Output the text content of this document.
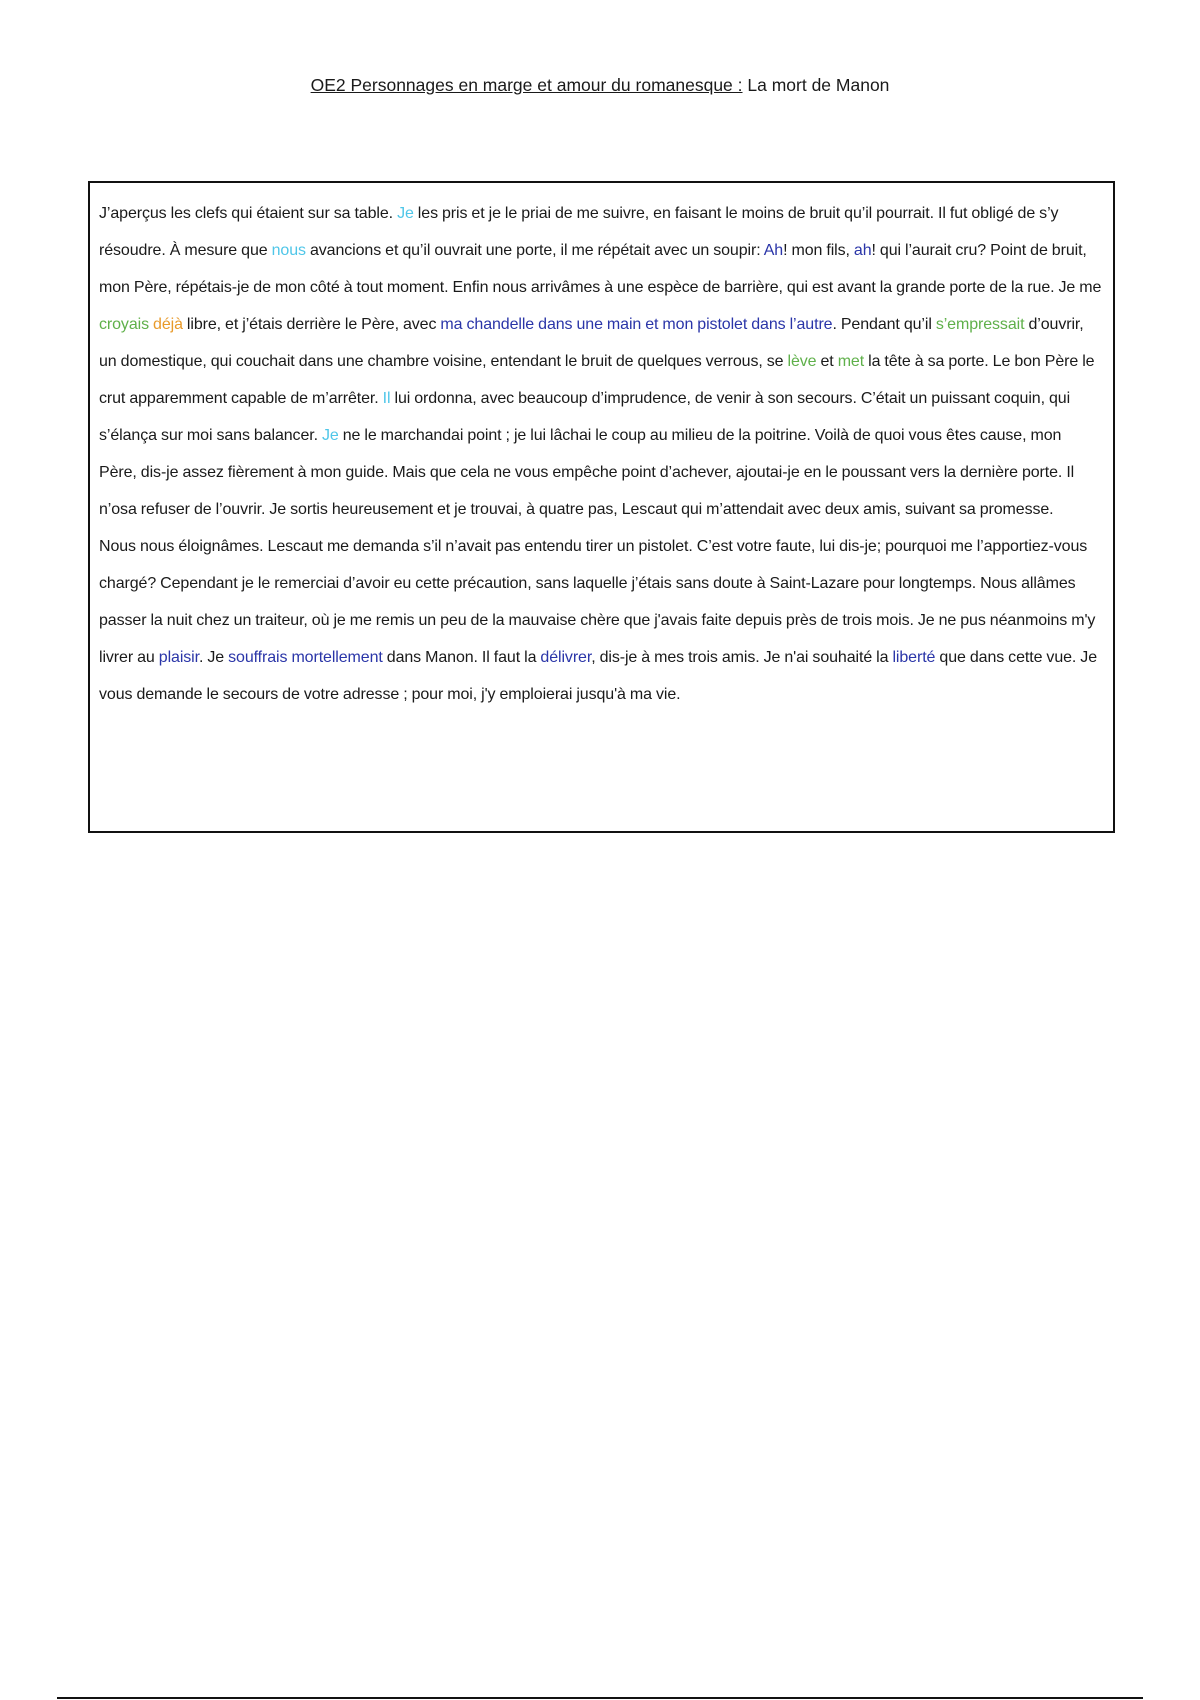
OE2 Personnages en marge et amour du romanesque : La mort de Manon

J’aperçus les clefs qui étaient sur sa table. Je les pris et je le priai de me suivre, en faisant le moins de bruit qu’il pourrait. Il fut obligé de s’y résoudre. À mesure que nous avancions et qu’il ouvrait une porte, il me répétait avec un soupir: Ah! mon fils, ah! qui l’aurait cru? Point de bruit, mon Père, répétais-je de mon côté à tout moment. Enfin nous arrivâmes à une espèce de barrière, qui est avant la grande porte de la rue. Je me croyais déjà libre, et j’étais derrière le Père, avec ma chandelle dans une main et mon pistolet dans l’autre. Pendant qu’il s’empressait d’ouvrir, un domestique, qui couchait dans une chambre voisine, entendant le bruit de quelques verrous, se lève et met la tête à sa porte. Le bon Père le crut apparemment capable de m’arrêter. Il lui ordonna, avec beaucoup d’imprudence, de venir à son secours. C’était un puissant coquin, qui s’élança sur moi sans balancer. Je ne le marchandai point ; je lui lâchai le coup au milieu de la poitrine. Voilà de quoi vous êtes cause, mon Père, dis-je assez fièrement à mon guide. Mais que cela ne vous empêche point d’achever, ajoutai-je en le poussant vers la dernière porte. Il n’osa refuser de l’ouvrir. Je sortis heureusement et je trouvai, à quatre pas, Lescaut qui m’attendait avec deux amis, suivant sa promesse.

Nous nous éloignâmes. Lescaut me demanda s’il n’avait pas entendu tirer un pistolet. C’est votre faute, lui dis-je; pourquoi me l’apportiez-vous chargé? Cependant je le remerciai d’avoir eu cette précaution, sans laquelle j’étais sans doute à Saint-Lazare pour longtemps. Nous allâmes passer la nuit chez un traiteur, où je me remis un peu de la mauvaise chère que j'avais faite depuis près de trois mois. Je ne pus néanmoins m'y livrer au plaisir. Je souffrais mortellement dans Manon. Il faut la délivrer, dis-je à mes trois amis. Je n'ai souhaité la liberté que dans cette vue. Je vous demande le secours de votre adresse ; pour moi, j'y emploierai jusqu'à ma vie.
